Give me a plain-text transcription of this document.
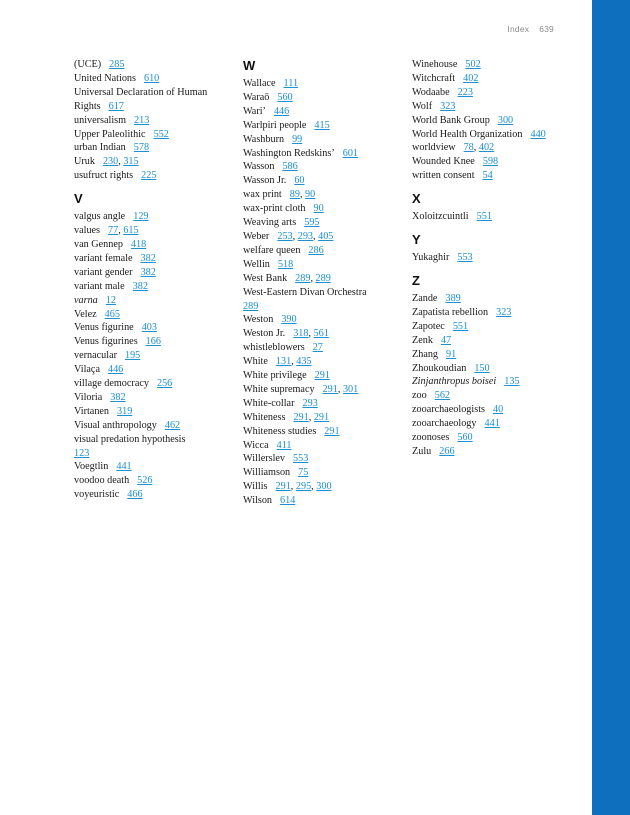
Index 639
(UCE) 285
United Nations 610
Universal Declaration of Human Rights 617
universalism 213
Upper Paleolithic 552
urban Indian 578
Uruk 230, 315
usufruct rights 225
V
valgus angle 129
values 77, 615
van Gennep 418
variant female 382
variant gender 382
variant male 382
varna 12
Velez 465
Venus figurine 403
Venus figurines 166
vernacular 195
Vilaça 446
village democracy 256
Viloria 382
Virtanen 319
Visual anthropology 462
visual predation hypothesis
123
Voegtlin 441
voodoo death 526
voyeuristic 466
W
Wallace 111
Waraō 560
Wari’ 446
Warlpiri people 415
Washburn 99
Washington Redskins’ 601
Wasson 586
Wasson Jr. 60
wax print 89, 90
wax-print cloth 90
Weaving arts 595
Weber 253, 293, 405
welfare queen 286
Wellin 518
West Bank 289, 289
West-Eastern Divan Orchestra
289
Weston 390
Weston Jr. 318, 561
whistleblowers 27
White 131, 435
White privilege 291
White supremacy 291, 301
White-collar 293
Whiteness 291, 291
Whiteness studies 291
Wicca 411
Willerslev 553
Williamson 75
Willis 291, 295, 300
Wilson 614
Winehouse 502
Witchcraft 402
Wodaabe 223
Wolf 323
World Bank Group 300
World Health Organization 440
worldview 78, 402
Wounded Knee 598
written consent 54
X
Xoloitzcuintli 551
Y
Yukaghir 553
Z
Zande 389
Zapatista rebellion 323
Zapotec 551
Zenk 47
Zhang 91
Zhoukoudian 150
Zinjanthropus boisei 135
zoo 562
zooarchaeologists 40
zooarchaeology 441
zoonoses 560
Zulu 266
